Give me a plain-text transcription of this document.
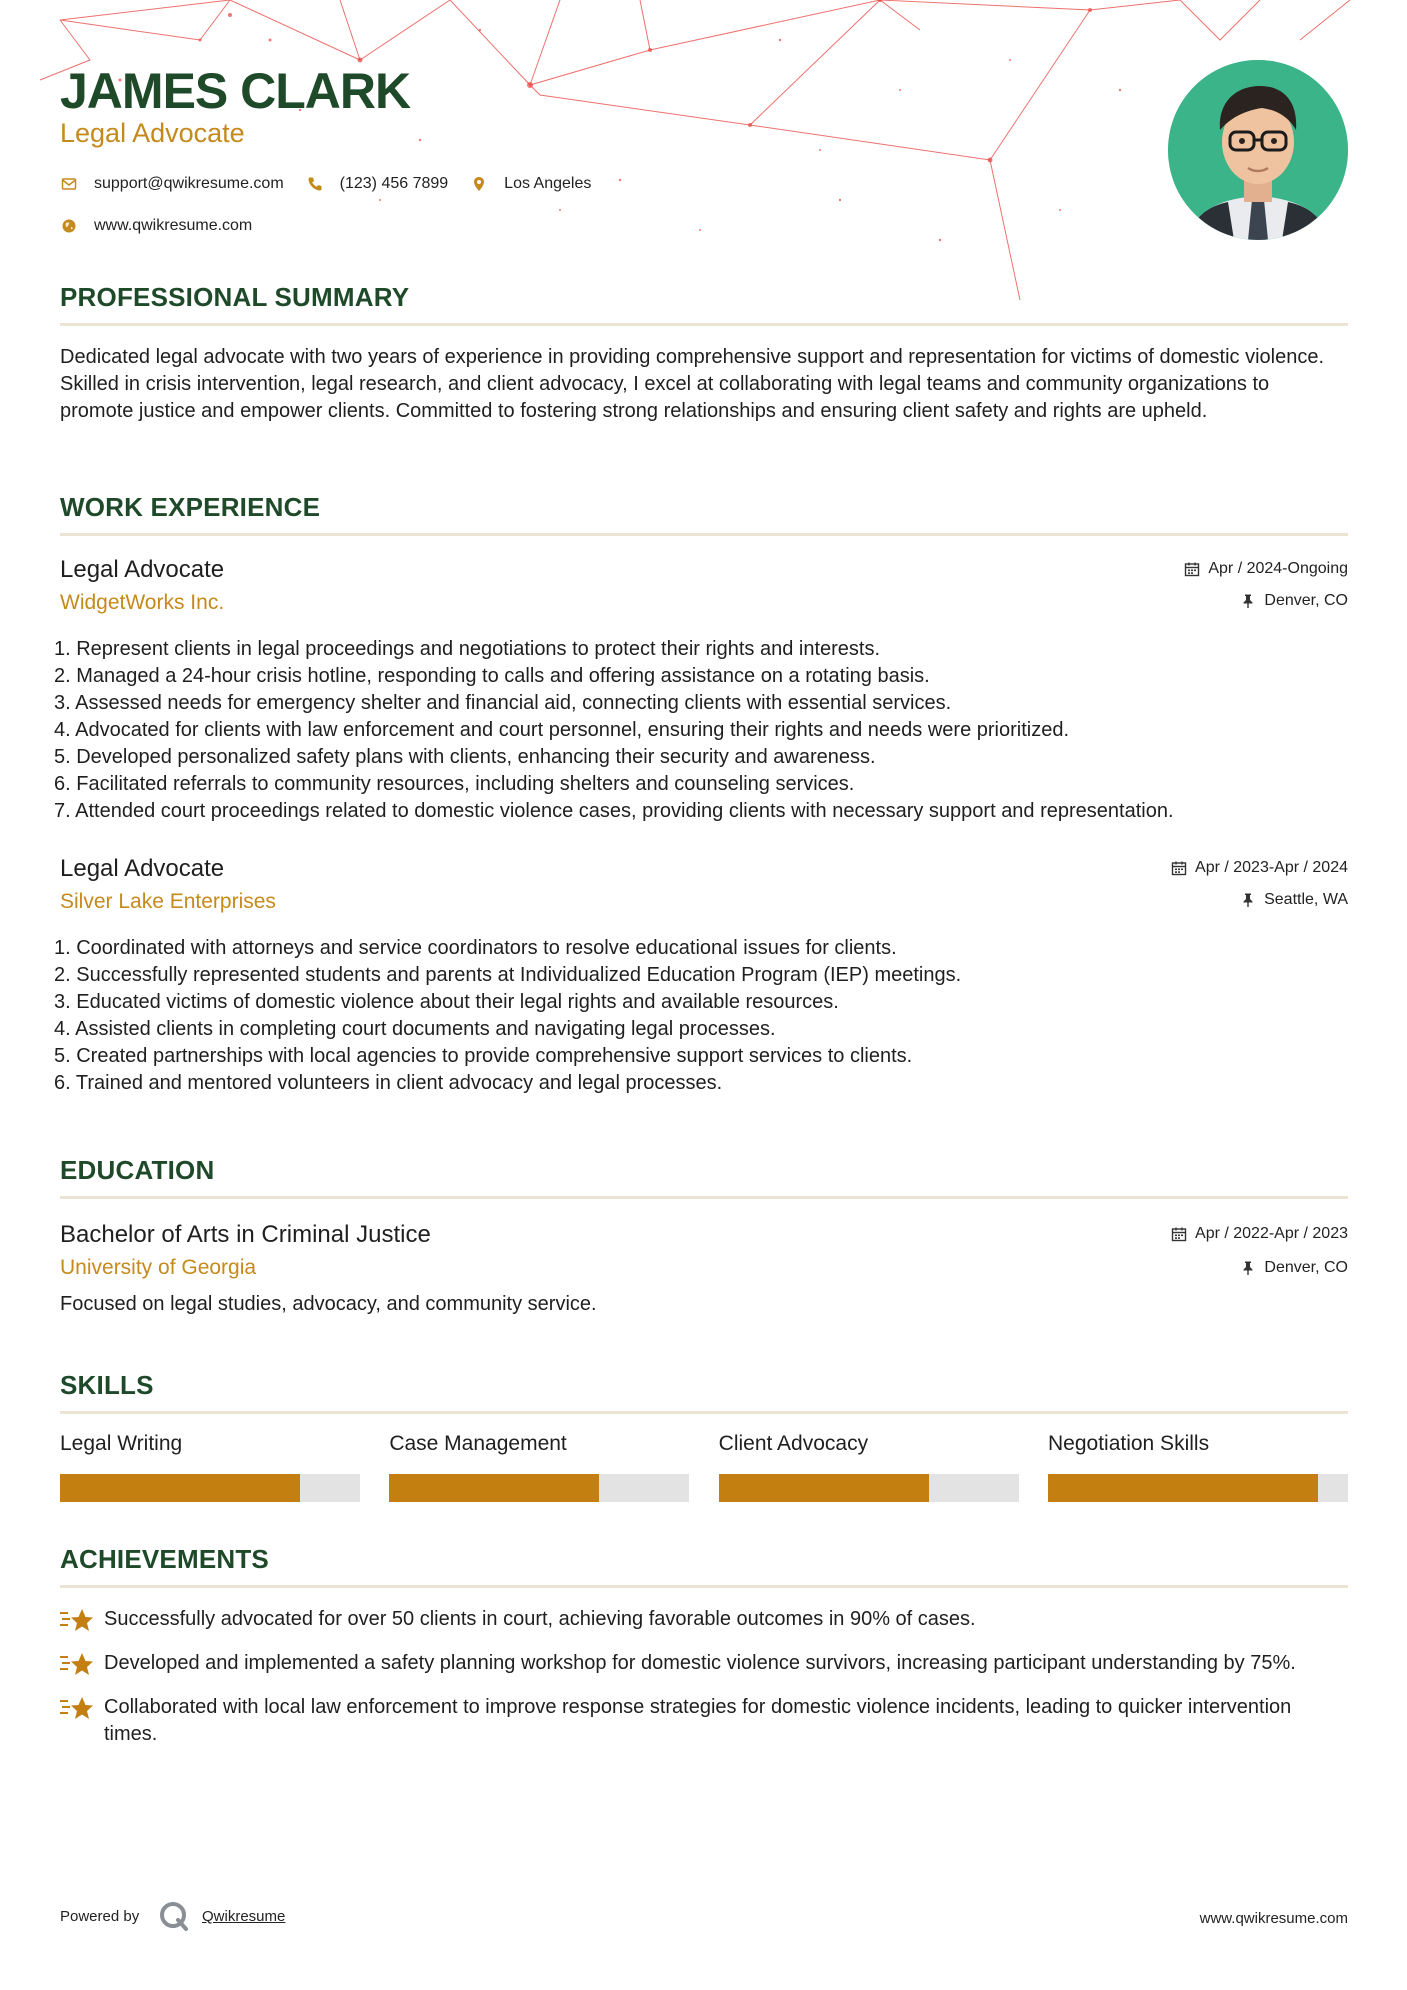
JAMES CLARK
Legal Advocate
support@qwikresume.com	(123) 456 7899	Los Angeles
www.qwikresume.com
PROFESSIONAL SUMMARY

Dedicated legal advocate with two years of experience in providing comprehensive support and representation for victims of domestic violence. Skilled in crisis intervention, legal research, and client advocacy, I excel at collaborating with legal teams and community organizations to promote justice and empower clients. Committed to fostering strong relationships and ensuring client safety and rights are upheld.

WORK EXPERIENCE
Legal Advocate
WidgetWorks Inc.
Apr / 2024-Ongoing
Denver, CO
1. Represent clients in legal proceedings and negotiations to protect their rights and interests.
2. Managed a 24-hour crisis hotline, responding to calls and offering assistance on a rotating basis.
3. Assessed needs for emergency shelter and financial aid, connecting clients with essential services.
4. Advocated for clients with law enforcement and court personnel, ensuring their rights and needs were prioritized.
5. Developed personalized safety plans with clients, enhancing their security and awareness.
6. Facilitated referrals to community resources, including shelters and counseling services.
7. Attended court proceedings related to domestic violence cases, providing clients with necessary support and representation.
Legal Advocate
Silver Lake Enterprises
Apr / 2023-Apr / 2024
Seattle, WA
1. Coordinated with attorneys and service coordinators to resolve educational issues for clients.
2. Successfully represented students and parents at Individualized Education Program (IEP) meetings.
3. Educated victims of domestic violence about their legal rights and available resources.
4. Assisted clients in completing court documents and navigating legal processes.
5. Created partnerships with local agencies to provide comprehensive support services to clients.
6. Trained and mentored volunteers in client advocacy and legal processes.
EDUCATION
Bachelor of Arts in Criminal Justice
University of Georgia
Apr / 2022-Apr / 2023
Denver, CO

Focused on legal studies, advocacy, and community service.

SKILLS
Legal Writing	Case Management	Client Advocacy	Negotiation Skills
ACHIEVEMENTS
Successfully advocated for over 50 clients in court, achieving favorable outcomes in 90% of cases.
Developed and implemented a safety planning workshop for domestic violence survivors, increasing participant understanding by 75%.
Collaborated with local law enforcement to improve response strategies for domestic violence incidents, leading to quicker intervention times.
Powered by	Qwikresume	www.qwikresume.com
